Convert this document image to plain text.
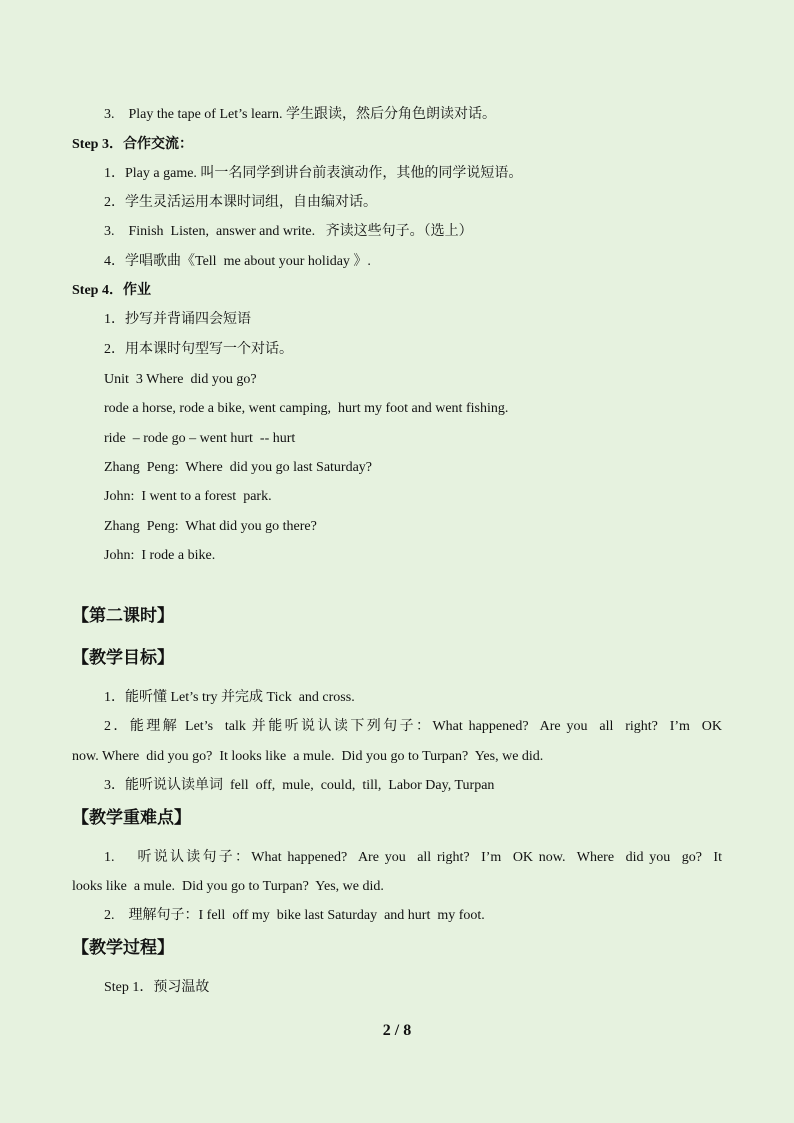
3.    Play the tape of Let’s learn. 学生跟读，然后分角色朗读对话。
Step 3．合作交流：
1．Play a game. 叫一名同学到讲台前表演动作，其他的同学说短语。
2．学生灵活运用本课时词组，自由编对话。
3.    Finish  Listen,  answer and write.   齐读这些句子。（选上）
4．学唱歌曲《Tell  me about your holiday 》.
Step 4．作业
1．抄写并背诵四会短语
2．用本课时句型写一个对话。
Unit  3 Where  did you go?
rode a horse, rode a bike, went camping,  hurt my foot and went fishing.
ride  – rode go – went hurt  -- hurt
Zhang  Peng:  Where  did you go last Saturday?
John:  I went to a forest  park.
Zhang  Peng:  What did you go there?
John:  I rode a bike.
【第二课时】
【教学目标】
1．能听懂 Let’s try 并完成 Tick  and cross.
2．能理解 Let’s  talk 并能听说认读下列句子：What happened?  Are you  all  right?  I’m  OK
now. Where  did you go?  It looks like  a mule.  Did you go to Turpan?  Yes, we did.
3．能听说认读单词  fell  off,  mule,  could,  till,  Labor Day, Turpan
【教学重难点】
1.    听说认读句子：What happened?  Are you  all right?  I’m  OK now.  Where  did you  go?  It
looks like  a mule.  Did you go to Turpan?  Yes, we did.
2.    理解句子：I fell  off my  bike last Saturday  and hurt  my foot.
【教学过程】
Step 1．预习温故
2 / 8
